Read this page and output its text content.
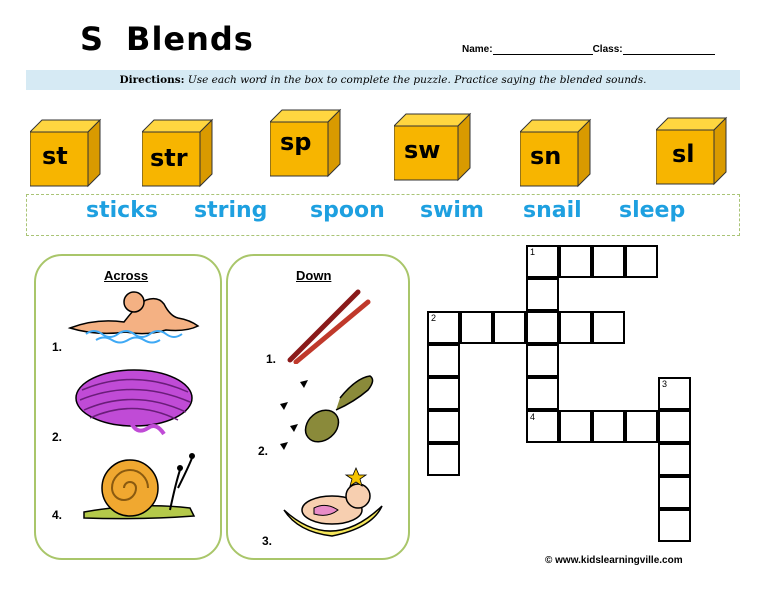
S Blends	Name:	Class:
Directions: Use each word in the box to complete the puzzle. Practice saying the blended sounds.
st	str
sp	sw	sn	sl
sticks string spoon swim snail sleep
Across
1.
2.
4.
Down
1.
2.
3.
1
2
4
3
© www.kidslearningville.com
